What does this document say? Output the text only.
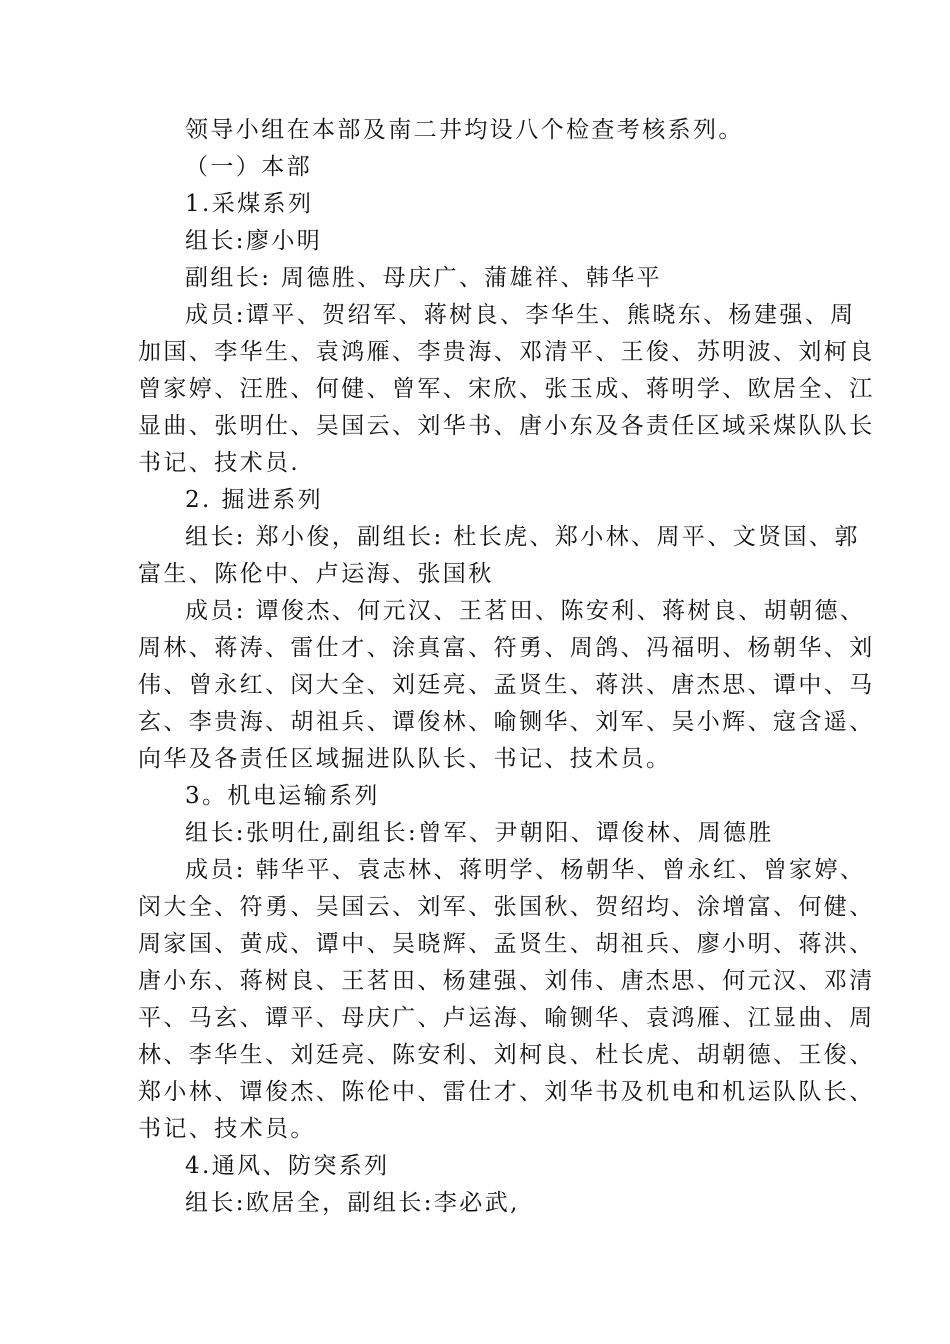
领导小组在本部及南二井均设八个检查考核系列。
（一）本部
1.采煤系列
组长:廖小明
副组长: 周德胜、母庆广、蒲雄祥、韩华平
成员:谭平、贺绍军、蒋树良、李华生、熊晓东、杨建强、周
加国、李华生、袁鸿雁、李贵海、邓清平、王俊、苏明波、刘柯良
曾家婷、汪胜、何健、曾军、宋欣、张玉成、蒋明学、欧居全、江
显曲、张明仕、吴国云、刘华书、唐小东及各责任区域采煤队队长
书记、技术员.
2. 掘进系列
组长: 郑小俊，副组长: 杜长虎、郑小林、周平、文贤国、郭
富生、陈伦中、卢运海、张国秋
成员: 谭俊杰、何元汉、王茗田、陈安利、蒋树良、胡朝德、
周林、蒋涛、雷仕才、涂真富、符勇、周鸽、冯福明、杨朝华、刘
伟、曾永红、闵大全、刘廷亮、孟贤生、蒋洪、唐杰思、谭中、马
玄、李贵海、胡祖兵、谭俊林、喻铡华、刘军、吴小辉、寇含遥、
向华及各责任区域掘进队队长、书记、技术员。
3。机电运输系列
组长:张明仕,副组长:曾军、尹朝阳、谭俊林、周德胜
成员: 韩华平、袁志林、蒋明学、杨朝华、曾永红、曾家婷、
闵大全、符勇、吴国云、刘军、张国秋、贺绍均、涂增富、何健、
周家国、黄成、谭中、吴晓辉、孟贤生、胡祖兵、廖小明、蒋洪、
唐小东、蒋树良、王茗田、杨建强、刘伟、唐杰思、何元汉、邓清
平、马玄、谭平、母庆广、卢运海、喻铡华、袁鸿雁、江显曲、周
林、李华生、刘廷亮、陈安利、刘柯良、杜长虎、胡朝德、王俊、
郑小林、谭俊杰、陈伦中、雷仕才、刘华书及机电和机运队队长、
书记、技术员。
4.通风、防突系列
组长:欧居全，副组长:李必武,
